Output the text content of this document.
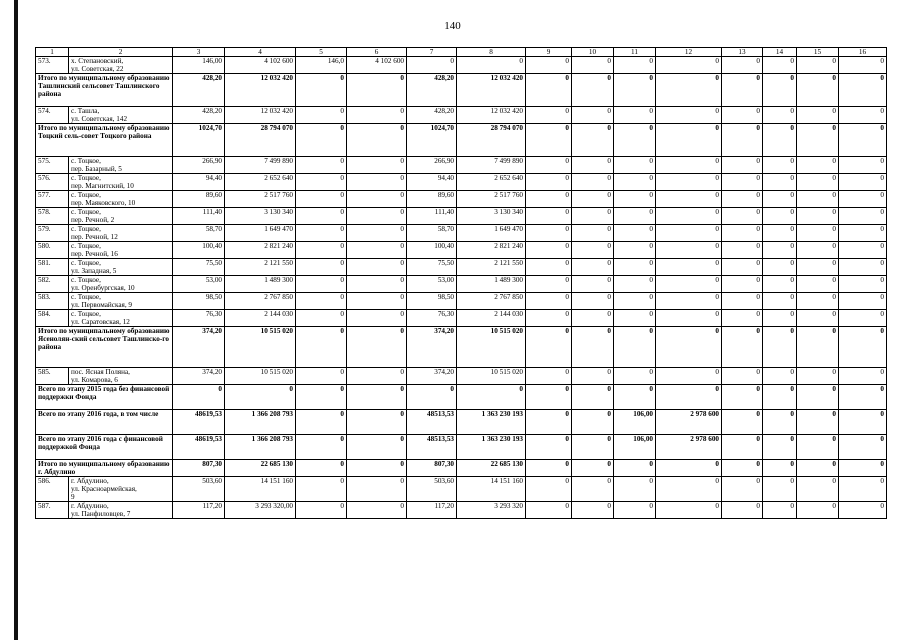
140
1	2	3	4	5	6	7	8	9	10	11	12	13	14	15	16
573.	х. Степановский,
ул. Советская, 22	146,00	4 102 600	146,0	4 102 600	0	0	0	0	0	0	0	0	0	0
Итого по муниципальному образованию Ташлинский сельсовет Ташлинского района		428,20	12 032 420	0	0	428,20	12 032 420	0	0	0	0	0	0	0	0
574.	с. Ташла,
ул. Советская, 142	428,20	12 032 420	0	0	428,20	12 032 420	0	0	0	0	0	0	0	0
Итого по муниципальному образованию Тоцкий сель-совет Тоцкого района		1024,70	28 794 070	0	0	1024,70	28 794 070	0	0	0	0	0	0	0	0
575.	с. Тоцкое,
пер. Базарный, 5	266,90	7 499 890	0	0	266,90	7 499 890	0	0	0	0	0	0	0	0
576.	с. Тоцкое,
пер. Магнитский, 10	94,40	2 652 640	0	0	94,40	2 652 640	0	0	0	0	0	0	0	0
577.	с. Тоцкое,
пер. Маяковского, 10	89,60	2 517 760	0	0	89,60	2 517 760	0	0	0	0	0	0	0	0
578.	с. Тоцкое,
пер. Речной, 2	111,40	3 130 340	0	0	111,40	3 130 340	0	0	0	0	0	0	0	0
579.	с. Тоцкое,
пер. Речной, 12	58,70	1 649 470	0	0	58,70	1 649 470	0	0	0	0	0	0	0	0
580.	с. Тоцкое,
пер. Речной, 16	100,40	2 821 240	0	0	100,40	2 821 240	0	0	0	0	0	0	0	0
581.	с. Тоцкое,
ул. Западная, 5	75,50	2 121 550	0	0	75,50	2 121 550	0	0	0	0	0	0	0	0
582.	с. Тоцкое,
ул. Оренбургская, 10	53,00	1 489 300	0	0	53,00	1 489 300	0	0	0	0	0	0	0	0
583.	с. Тоцкое,
ул. Первомайская, 9	98,50	2 767 850	0	0	98,50	2 767 850	0	0	0	0	0	0	0	0
584.	с. Тоцкое,
ул. Саратовская, 12	76,30	2 144 030	0	0	76,30	2 144 030	0	0	0	0	0	0	0	0
Итого по муниципальному образованию Ясенолян-ский сельсовет Ташлинско-го района		374,20	10 515 020	0	0	374,20	10 515 020	0	0	0	0	0	0	0	0
585.	пос. Ясная Поляна,
ул. Комарова, 6	374,20	10 515 020	0	0	374,20	10 515 020	0	0	0	0	0	0	0	0
Всего по этапу 2015 года без финансовой поддержки Фонда		0	0	0	0	0	0	0	0	0	0	0	0	0	0
Всего по этапу 2016 года, в том числе		48619,53	1 366 208 793	0	0	48513,53	1 363 230 193	0	0	106,00	2 978 600	0	0	0	0
Всего по этапу 2016 года с финансовой поддержкой Фонда		48619,53	1 366 208 793	0	0	48513,53	1 363 230 193	0	0	106,00	2 978 600	0	0	0	0
Итого по муниципальному образованию г. Абдулино		807,30	22 685 130	0	0	807,30	22 685 130	0	0	0	0	0	0	0	0
586.	г. Абдулино,
ул. Красноармейская,
9	503,60	14 151 160	0	0	503,60	14 151 160	0	0	0	0	0	0	0	0
587.	г. Абдулино,
ул. Панфиловцев, 7	117,20	3 293 320,00	0	0	117,20	3 293 320	0	0	0	0	0	0	0	0
